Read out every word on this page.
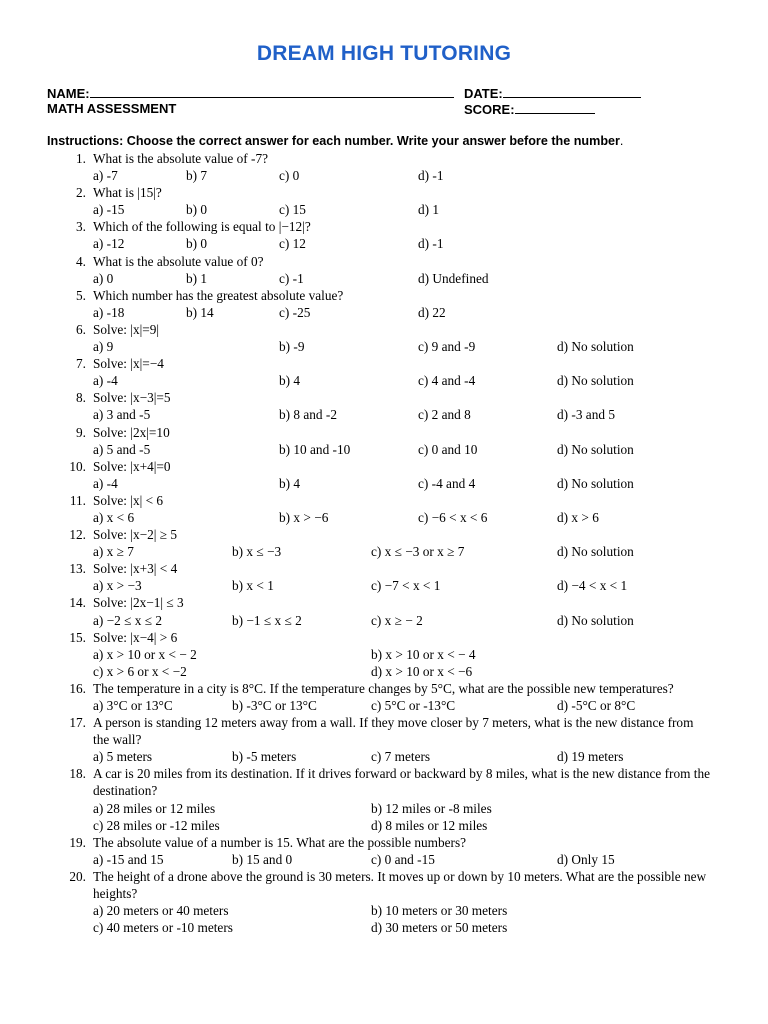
DREAM HIGH TUTORING
NAME:	DATE:
MATH ASSESSMENT	SCORE:
Instructions: Choose the correct answer for each number. Write your answer before the number.
1. What is the absolute value of -7?
a) -7	b) 7	c) 0	d) -1
2. What is |15|?
a) -15	b) 0	c) 15	d) 1
3. Which of the following is equal to |−12|?
a) -12	b) 0	c) 12	d) -1
4. What is the absolute value of 0?
a) 0	b) 1	c) -1	d) Undefined
5. Which number has the greatest absolute value?
a) -18	b) 14	c) -25	d) 22
6. Solve: |x|=9|
a) 9	b) -9	c) 9 and -9	d) No solution
7. Solve: |x|=−4
a) -4	b) 4	c) 4 and -4	d) No solution
8. Solve: |x−3|=5
a) 3 and -5	b) 8 and -2	c) 2 and 8	d) -3 and 5
9. Solve: |2x|=10
a) 5 and -5	b) 10 and -10	c) 0 and 10	d) No solution
10. Solve: |x+4|=0
a) -4	b) 4	c) -4 and 4	d) No solution
11. Solve: |x| < 6
a) x < 6	b) x > −6	c) −6 < x < 6	d) x > 6
12. Solve: |x−2| ≥ 5
a) x ≥ 7	b) x ≤ −3	c) x ≤ −3 or x ≥ 7	d) No solution
13. Solve: |x+3| < 4
a) x > −3	b) x < 1	c) −7 < x < 1	d) −4 < x < 1
14. Solve: |2x−1| ≤ 3
a) −2 ≤ x ≤ 2	b) −1 ≤ x ≤ 2	c) x ≥ − 2	d) No solution
15. Solve: |x−4| > 6
a) x > 10 or x < − 2	b) x > 10 or x < − 4
c) x > 6 or x < −2	d) x > 10 or x < −6
16. The temperature in a city is 8°C. If the temperature changes by 5°C, what are the possible new temperatures?
a) 3°C or 13°C	b) -3°C or 13°C	c) 5°C or -13°C	d) -5°C or 8°C
17. A person is standing 12 meters away from a wall. If they move closer by 7 meters, what is the new distance from the wall?
a) 5 meters	b) -5 meters	c) 7 meters	d) 19 meters
18. A car is 20 miles from its destination. If it drives forward or backward by 8 miles, what is the new distance from the destination?
a) 28 miles or 12 miles	b) 12 miles or -8 miles
c) 28 miles or -12 miles	d) 8 miles or 12 miles
19. The absolute value of a number is 15. What are the possible numbers?
a) -15 and 15	b) 15 and 0	c) 0 and -15	d) Only 15
20. The height of a drone above the ground is 30 meters. It moves up or down by 10 meters. What are the possible new heights?
a) 20 meters or 40 meters	b) 10 meters or 30 meters
c) 40 meters or -10 meters	d) 30 meters or 50 meters
